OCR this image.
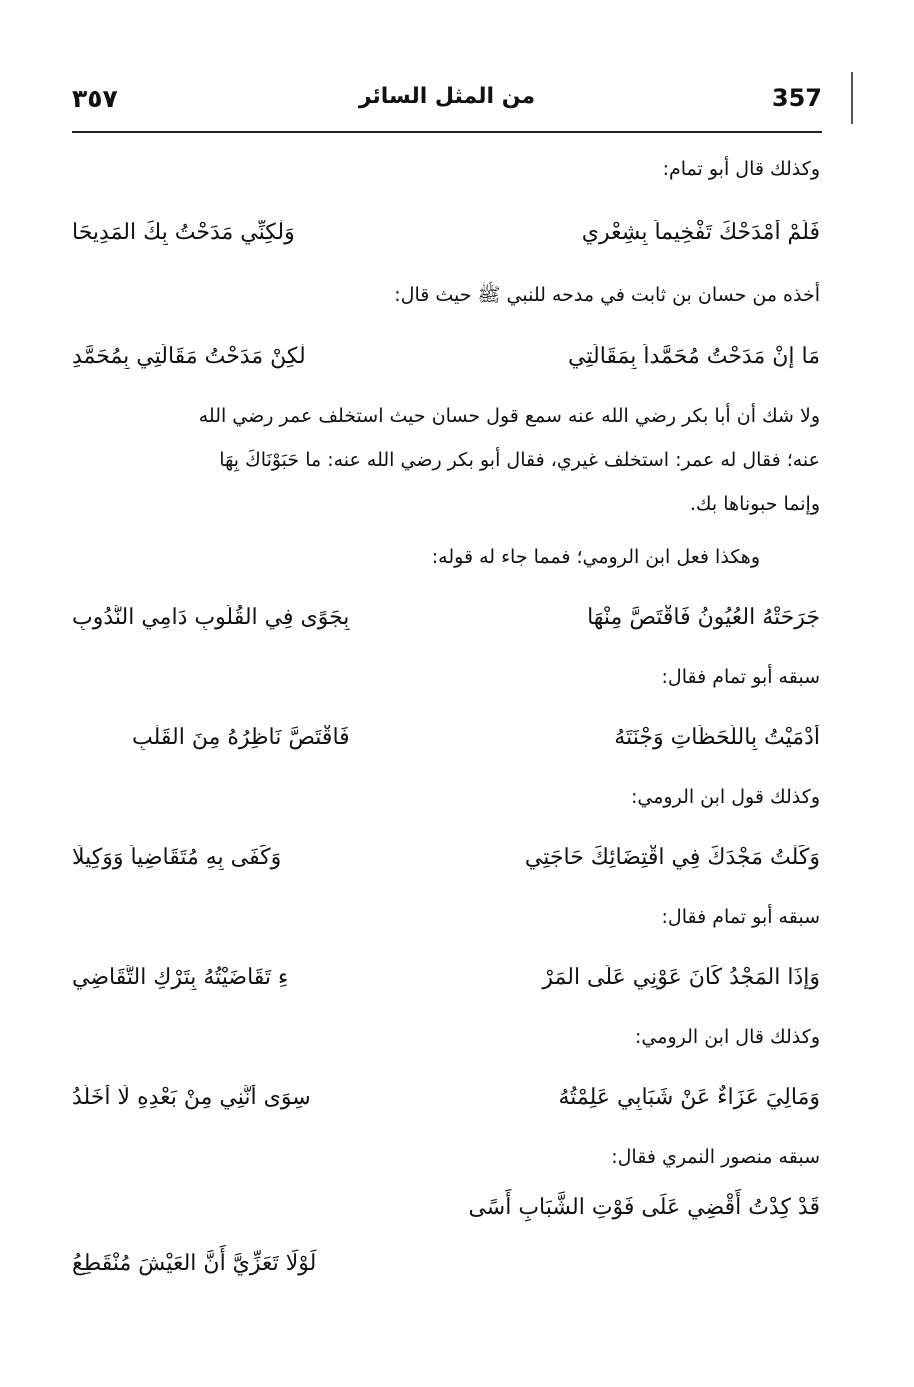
٣٥٧	من المثل السائر	357

وكذلك قال أبو تمام:

فَلَمْ أَمْدَحْكَ تَفْخِيماً بِشِعْرِي
وَلٰكِنِّي مَدَحْتُ بِكَ المَدِيحَا

أخذه من حسان بن ثابت في مدحه للنبي ﷺ حيث قال:

مَا إنْ مَدَحْتُ مُحَمَّداً بِمَقَالَتِي
لٰكِنْ مَدَحْتُ مَقَالَتِي بِمُحَمَّدِ
ولا شك أن أبا بكر رضي الله عنه سمع قول حسان حيث استخلف عمر رضي الله
عنه؛ فقال له عمر: استخلف غيري، فقال أبو بكر رضي الله عنه: ما حَبَوْنَاكَ بِهَا
وإنما حبوناها بك.

وهكذا فعل ابن الرومي؛ فمما جاء له قوله:

جَرَحَتْهُ العُيُونُ فَاقْتَصَّ مِنْهَا
بِجَوًى فِي القُلُوبِ دَامِي النُّدُوبِ

سبقه أبو تمام فقال:

أَدْمَيْتُ بِاللَّحَظَاتِ وَجْنَتَهُ
فَاقْتَصَّ نَاظِرُهُ مِنَ القَلْبِ

وكذلك قول ابن الرومي:

وَكَلْتُ مَجْدَكَ فِي اقْتِضَائِكَ حَاجَتِي
وَكَفَى بِهِ مُتَقَاضِياً وَوَكِيلَا

سبقه أبو تمام فقال:

وَإِذَا المَجْدُ كَانَ عَوْنِي عَلَى المَرْ
ءِ تَقَاضَيْتُهُ بِتَرْكِ التَّقَاضِي

وكذلك قال ابن الرومي:

وَمَالِيَ عَزَاءٌ عَنْ شَبَابِي عَلِمْتُهُ
سِوَى أَنَّنِي مِنْ بَعْدِهِ لَا أُخَلَّدُ

سبقه منصور النمري فقال:

قَدْ كِدْتُ أَقْضِي عَلَى فَوْتِ الشَّبَابِ أَسًى
لَوْلَا تَعَزِّيَّ أَنَّ العَيْشَ مُنْقَطِعُ
